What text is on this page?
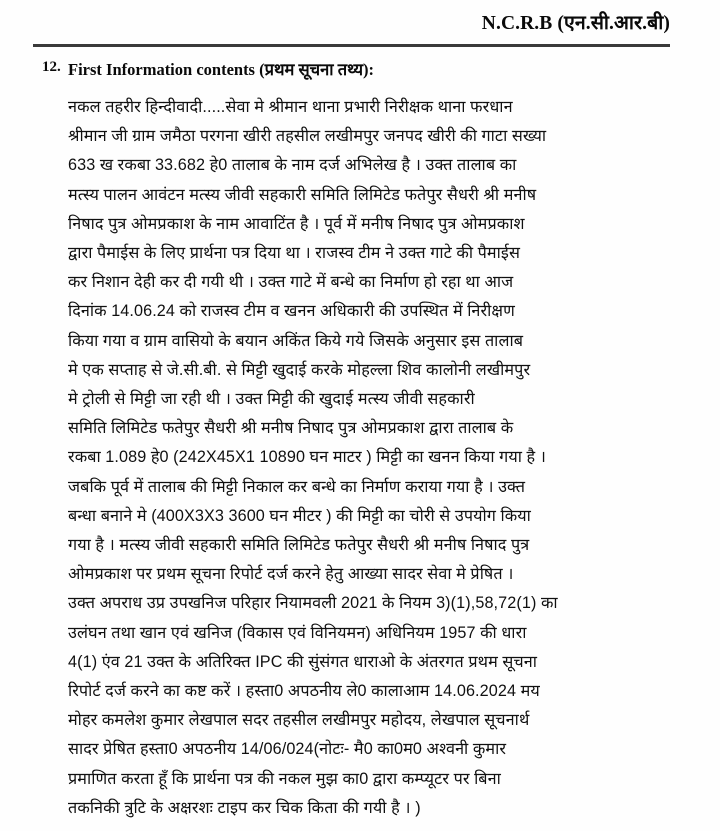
N.C.R.B (एन.सी.आर.बी)
12. First Information contents (प्रथम सूचना तथ्य):
नकल तहरीर हिन्दीवादी.....सेवा मे श्रीमान थाना प्रभारी निरीक्षक थाना फरधान
श्रीमान जी ग्राम जमैठा परगना खीरी तहसील लखीमपुर जनपद खीरी की गाटा सख्या
633 ख रकबा 33.682 हे0 तालाब के नाम दर्ज अभिलेख है । उक्त तालाब का
मत्स्य पालन आवंटन मत्स्य जीवी सहकारी समिति लिमिटेड फतेपुर सैधरी श्री मनीष
निषाद पुत्र ओमप्रकाश के नाम आवाटिंत है । पूर्व में मनीष निषाद पुत्र ओमप्रकाश
द्वारा पैमाईस के लिए प्रार्थना पत्र दिया था । राजस्व टीम ने उक्त गाटे की पैमाईस
कर निशान देही कर दी गयी थी । उक्त गाटे में बन्धे का निर्माण हो रहा था आज
दिनांक 14.06.24 को राजस्व टीम व खनन अधिकारी की उपस्थित में निरीक्षण
किया गया व ग्राम वासियो के बयान अकिंत किये गये जिसके अनुसार इस तालाब
मे एक सप्ताह से जे.सी.बी. से मिट्टी खुदाई करके मोहल्ला शिव कालोनी लखीमपुर
मे ट्रोली से मिट्टी जा रही थी । उक्त मिट्टी की खुदाई मत्स्य जीवी सहकारी
समिति लिमिटेड फतेपुर सैधरी श्री मनीष निषाद पुत्र ओमप्रकाश द्वारा तालाब के
रकबा 1.089 हे0 (242X45X1 10890 घन माटर ) मिट्टी का खनन किया गया है ।
जबकि पूर्व में तालाब की मिट्टी निकाल कर बन्धे का निर्माण कराया गया है । उक्त
बन्धा बनाने मे (400X3X3 3600 घन मीटर ) की मिट्टी का चोरी से उपयोग किया
गया है । मत्स्य जीवी सहकारी समिति लिमिटेड फतेपुर सैधरी श्री मनीष निषाद पुत्र
ओमप्रकाश पर प्रथम सूचना रिपोर्ट दर्ज करने हेतु आख्या सादर सेवा मे प्रेषित ।
उक्त अपराध उप्र उपखनिज परिहार नियामवली 2021 के नियम 3)(1),58,72(1) का
उलंघन तथा खान एवं खनिज (विकास एवं विनियमन) अधिनियम 1957 की धारा
4(1) एंव 21 उक्त के अतिरिक्त IPC की सुंसंगत धाराओ के अंतरगत प्रथम सूचना
रिपोर्ट दर्ज करने का कष्ट करें । हस्ता0 अपठनीय ले0 कालाआम 14.06.2024 मय
मोहर कमलेश कुमार लेखपाल सदर तहसील लखीमपुर महोदय, लेखपाल सूचनार्थ
सादर प्रेषित हस्ता0 अपठनीय 14/06/024(नोटः- मै0 का0म0 अश्वनी कुमार
प्रमाणित करता हूँ कि प्रार्थना पत्र की नकल मुझ का0 द्वारा कम्प्यूटर पर बिना
तकनिकी त्रुटि के अक्षरशः टाइप कर चिक किता की गयी है । )
